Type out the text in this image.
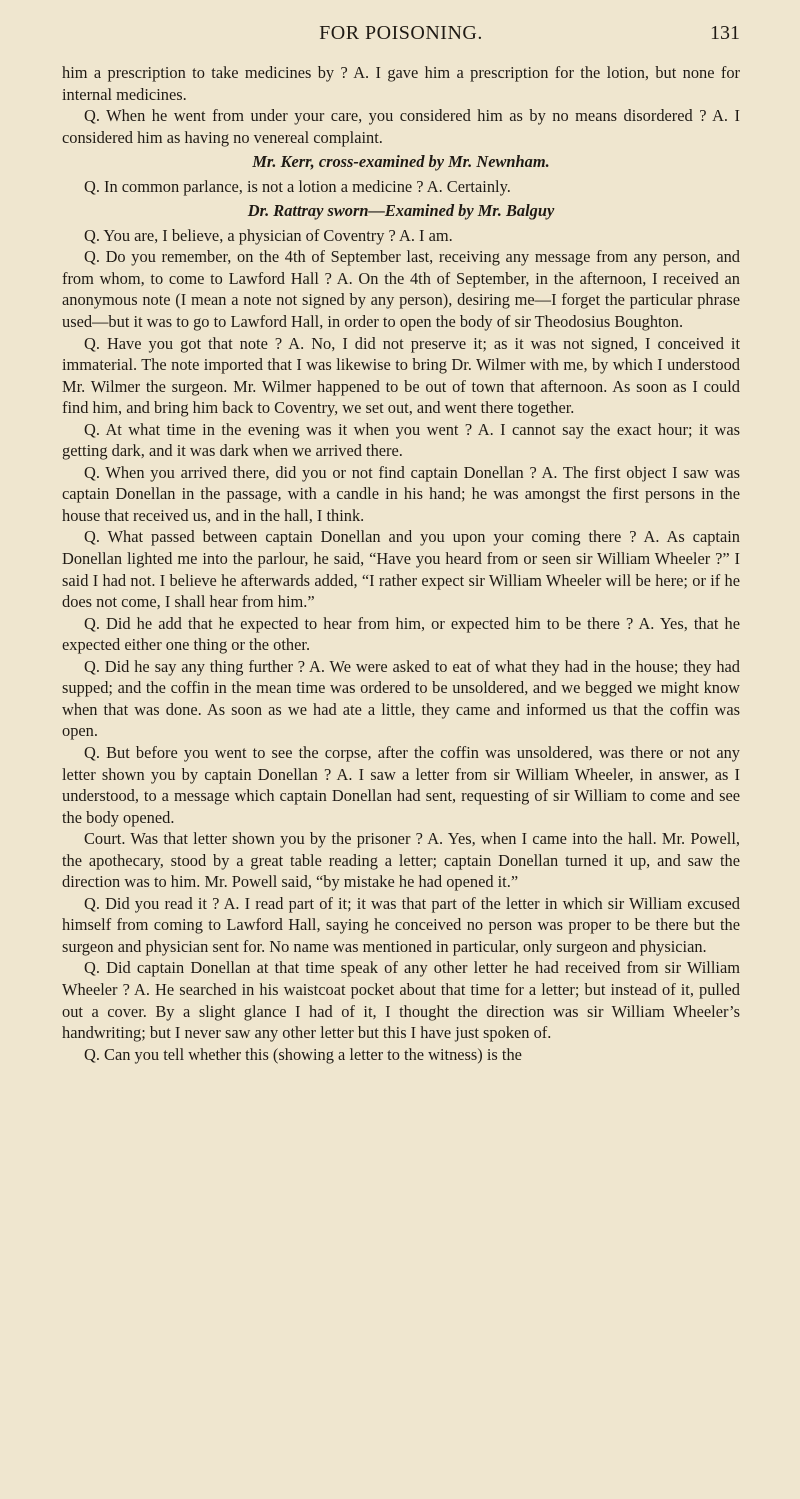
FOR POISONING.	131

him a prescription to take medicines by ? A. I gave him a prescription for the lotion, but none for internal medicines.

Q. When he went from under your care, you considered him as by no means disordered ? A. I considered him as having no venereal complaint.

Mr. Kerr, cross-examined by Mr. Newnham.

Q. In common parlance, is not a lotion a medicine ? A. Certainly.

Dr. Rattray sworn—Examined by Mr. Balguy

Q. You are, I believe, a physician of Coventry ? A. I am.

Q. Do you remember, on the 4th of September last, receiving any message from any person, and from whom, to come to Lawford Hall ? A. On the 4th of September, in the afternoon, I received an anonymous note (I mean a note not signed by any person), desiring me—I forget the particular phrase used—but it was to go to Lawford Hall, in order to open the body of sir Theodosius Boughton.

Q. Have you got that note ? A. No, I did not preserve it; as it was not signed, I conceived it immaterial. The note imported that I was likewise to bring Dr. Wilmer with me, by which I understood Mr. Wilmer the surgeon. Mr. Wilmer happened to be out of town that afternoon. As soon as I could find him, and bring him back to Coventry, we set out, and went there together.

Q. At what time in the evening was it when you went ? A. I cannot say the exact hour; it was getting dark, and it was dark when we arrived there.

Q. When you arrived there, did you or not find captain Donellan ? A. The first object I saw was captain Donellan in the passage, with a candle in his hand; he was amongst the first persons in the house that received us, and in the hall, I think.

Q. What passed between captain Donellan and you upon your coming there ? A. As captain Donellan lighted me into the parlour, he said, “Have you heard from or seen sir William Wheeler ?” I said I had not. I believe he afterwards added, “I rather expect sir William Wheeler will be here; or if he does not come, I shall hear from him.”

Q. Did he add that he expected to hear from him, or expected him to be there ? A. Yes, that he expected either one thing or the other.

Q. Did he say any thing further ? A. We were asked to eat of what they had in the house; they had supped; and the coffin in the mean time was ordered to be unsoldered, and we begged we might know when that was done. As soon as we had ate a little, they came and informed us that the coffin was open.

Q. But before you went to see the corpse, after the coffin was unsoldered, was there or not any letter shown you by captain Donellan ? A. I saw a letter from sir William Wheeler, in answer, as I understood, to a message which captain Donellan had sent, requesting of sir William to come and see the body opened.

Court. Was that letter shown you by the prisoner ? A. Yes, when I came into the hall. Mr. Powell, the apothecary, stood by a great table reading a letter; captain Donellan turned it up, and saw the direction was to him. Mr. Powell said, “by mistake he had opened it.”

Q. Did you read it ? A. I read part of it; it was that part of the letter in which sir William excused himself from coming to Lawford Hall, saying he conceived no person was proper to be there but the surgeon and physician sent for. No name was mentioned in particular, only surgeon and physician.

Q. Did captain Donellan at that time speak of any other letter he had received from sir William Wheeler ? A. He searched in his waistcoat pocket about that time for a letter; but instead of it, pulled out a cover. By a slight glance I had of it, I thought the direction was sir William Wheeler’s handwriting; but I never saw any other letter but this I have just spoken of.

Q. Can you tell whether this (showing a letter to the witness) is the
